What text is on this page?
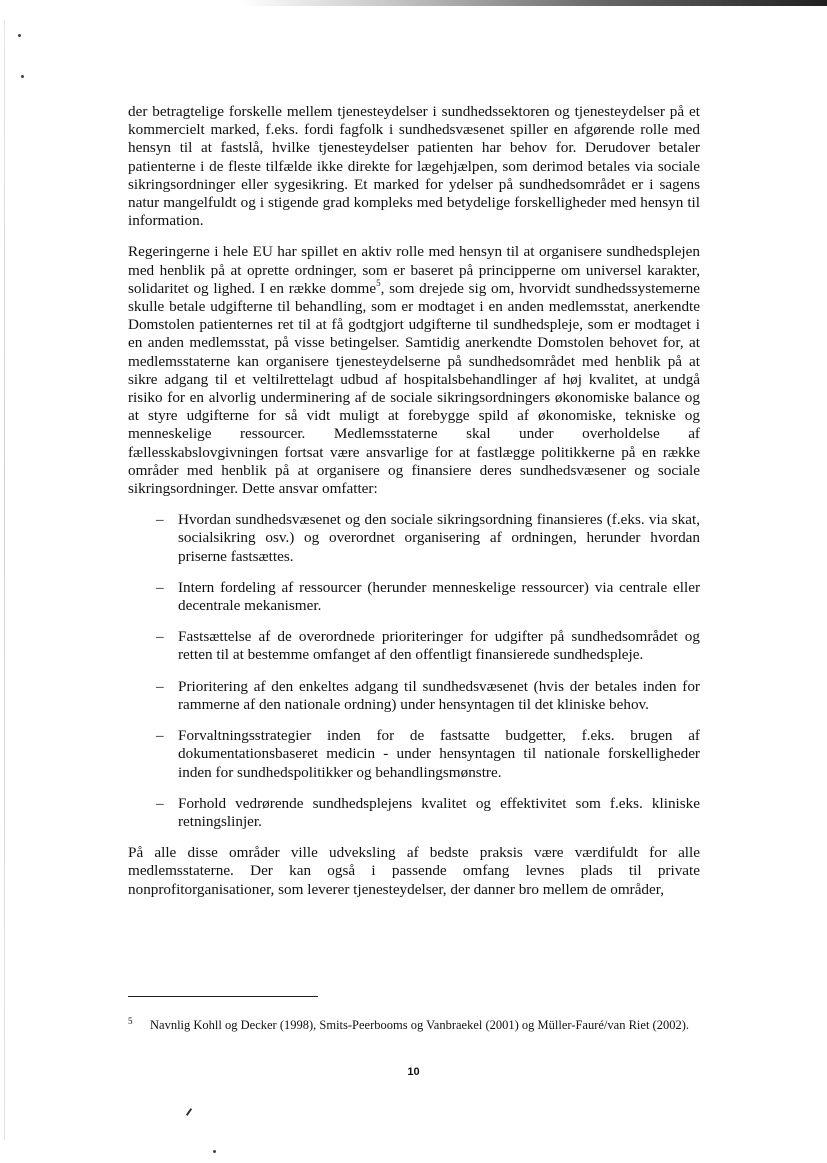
der betragtelige forskelle mellem tjenesteydelser i sundhedssektoren og tjenesteydelser på et kommercielt marked, f.eks. fordi fagfolk i sundhedsvæsenet spiller en afgørende rolle med hensyn til at fastslå, hvilke tjenesteydelser patienten har behov for. Derudover betaler patienterne i de fleste tilfælde ikke direkte for lægehjælpen, som derimod betales via sociale sikringsordninger eller sygesikring. Et marked for ydelser på sundhedsområdet er i sagens natur mangelfuldt og i stigende grad kompleks med betydelige forskelligheder med hensyn til information.

Regeringerne i hele EU har spillet en aktiv rolle med hensyn til at organisere sundhedsplejen med henblik på at oprette ordninger, som er baseret på principperne om universel karakter, solidaritet og lighed. I en række domme$^5$, som drejede sig om, hvorvidt sundhedssystemerne skulle betale udgifterne til behandling, som er modtaget i en anden medlemsstat, anerkendte Domstolen patienternes ret til at få godtgjort udgifterne til sundhedspleje, som er modtaget i en anden medlemsstat, på visse betingelser. Samtidig anerkendte Domstolen behovet for, at medlemsstaterne kan organisere tjenesteydelserne på sundhedsområdet med henblik på at sikre adgang til et veltilrettelagt udbud af hospitalsbehandlinger af høj kvalitet, at undgå risiko for en alvorlig underminering af de sociale sikringsordningers økonomiske balance og at styre udgifterne for så vidt muligt at forebygge spild af økonomiske, tekniske og menneskelige ressourcer. Medlemsstaterne skal under overholdelse af fællesskabslovgivningen fortsat være ansvarlige for at fastlægge politikkerne på en række områder med henblik på at organisere og finansiere deres sundhedsvæsener og sociale sikringsordninger. Dette ansvar omfatter:

– Hvordan sundhedsvæsenet og den sociale sikringsordning finansieres (f.eks. via skat, socialsikring osv.) og overordnet organisering af ordningen, herunder hvordan priserne fastsættes.
– Intern fordeling af ressourcer (herunder menneskelige ressourcer) via centrale eller decentrale mekanismer.
– Fastsættelse af de overordnede prioriteringer for udgifter på sundhedsområdet og retten til at bestemme omfanget af den offentligt finansierede sundhedspleje.
– Prioritering af den enkeltes adgang til sundhedsvæsenet (hvis der betales inden for rammerne af den nationale ordning) under hensyntagen til det kliniske behov.
– Forvaltningsstrategier inden for de fastsatte budgetter, f.eks. brugen af dokumentationsbaseret medicin - under hensyntagen til nationale forskelligheder inden for sundhedspolitikker og behandlingsmønstre.
– Forhold vedrørende sundhedsplejens kvalitet og effektivitet som f.eks. kliniske retningslinjer.

På alle disse områder ville udveksling af bedste praksis være værdifuldt for alle medlemsstaterne. Der kan også i passende omfang levnes plads til private nonprofitorganisationer, som leverer tjenesteydelser, der danner bro mellem de områder,

5 Navnlig Kohll og Decker (1998), Smits-Peerbooms og Vanbraekel (2001) og Müller-Fauré/van Riet (2002).
10
